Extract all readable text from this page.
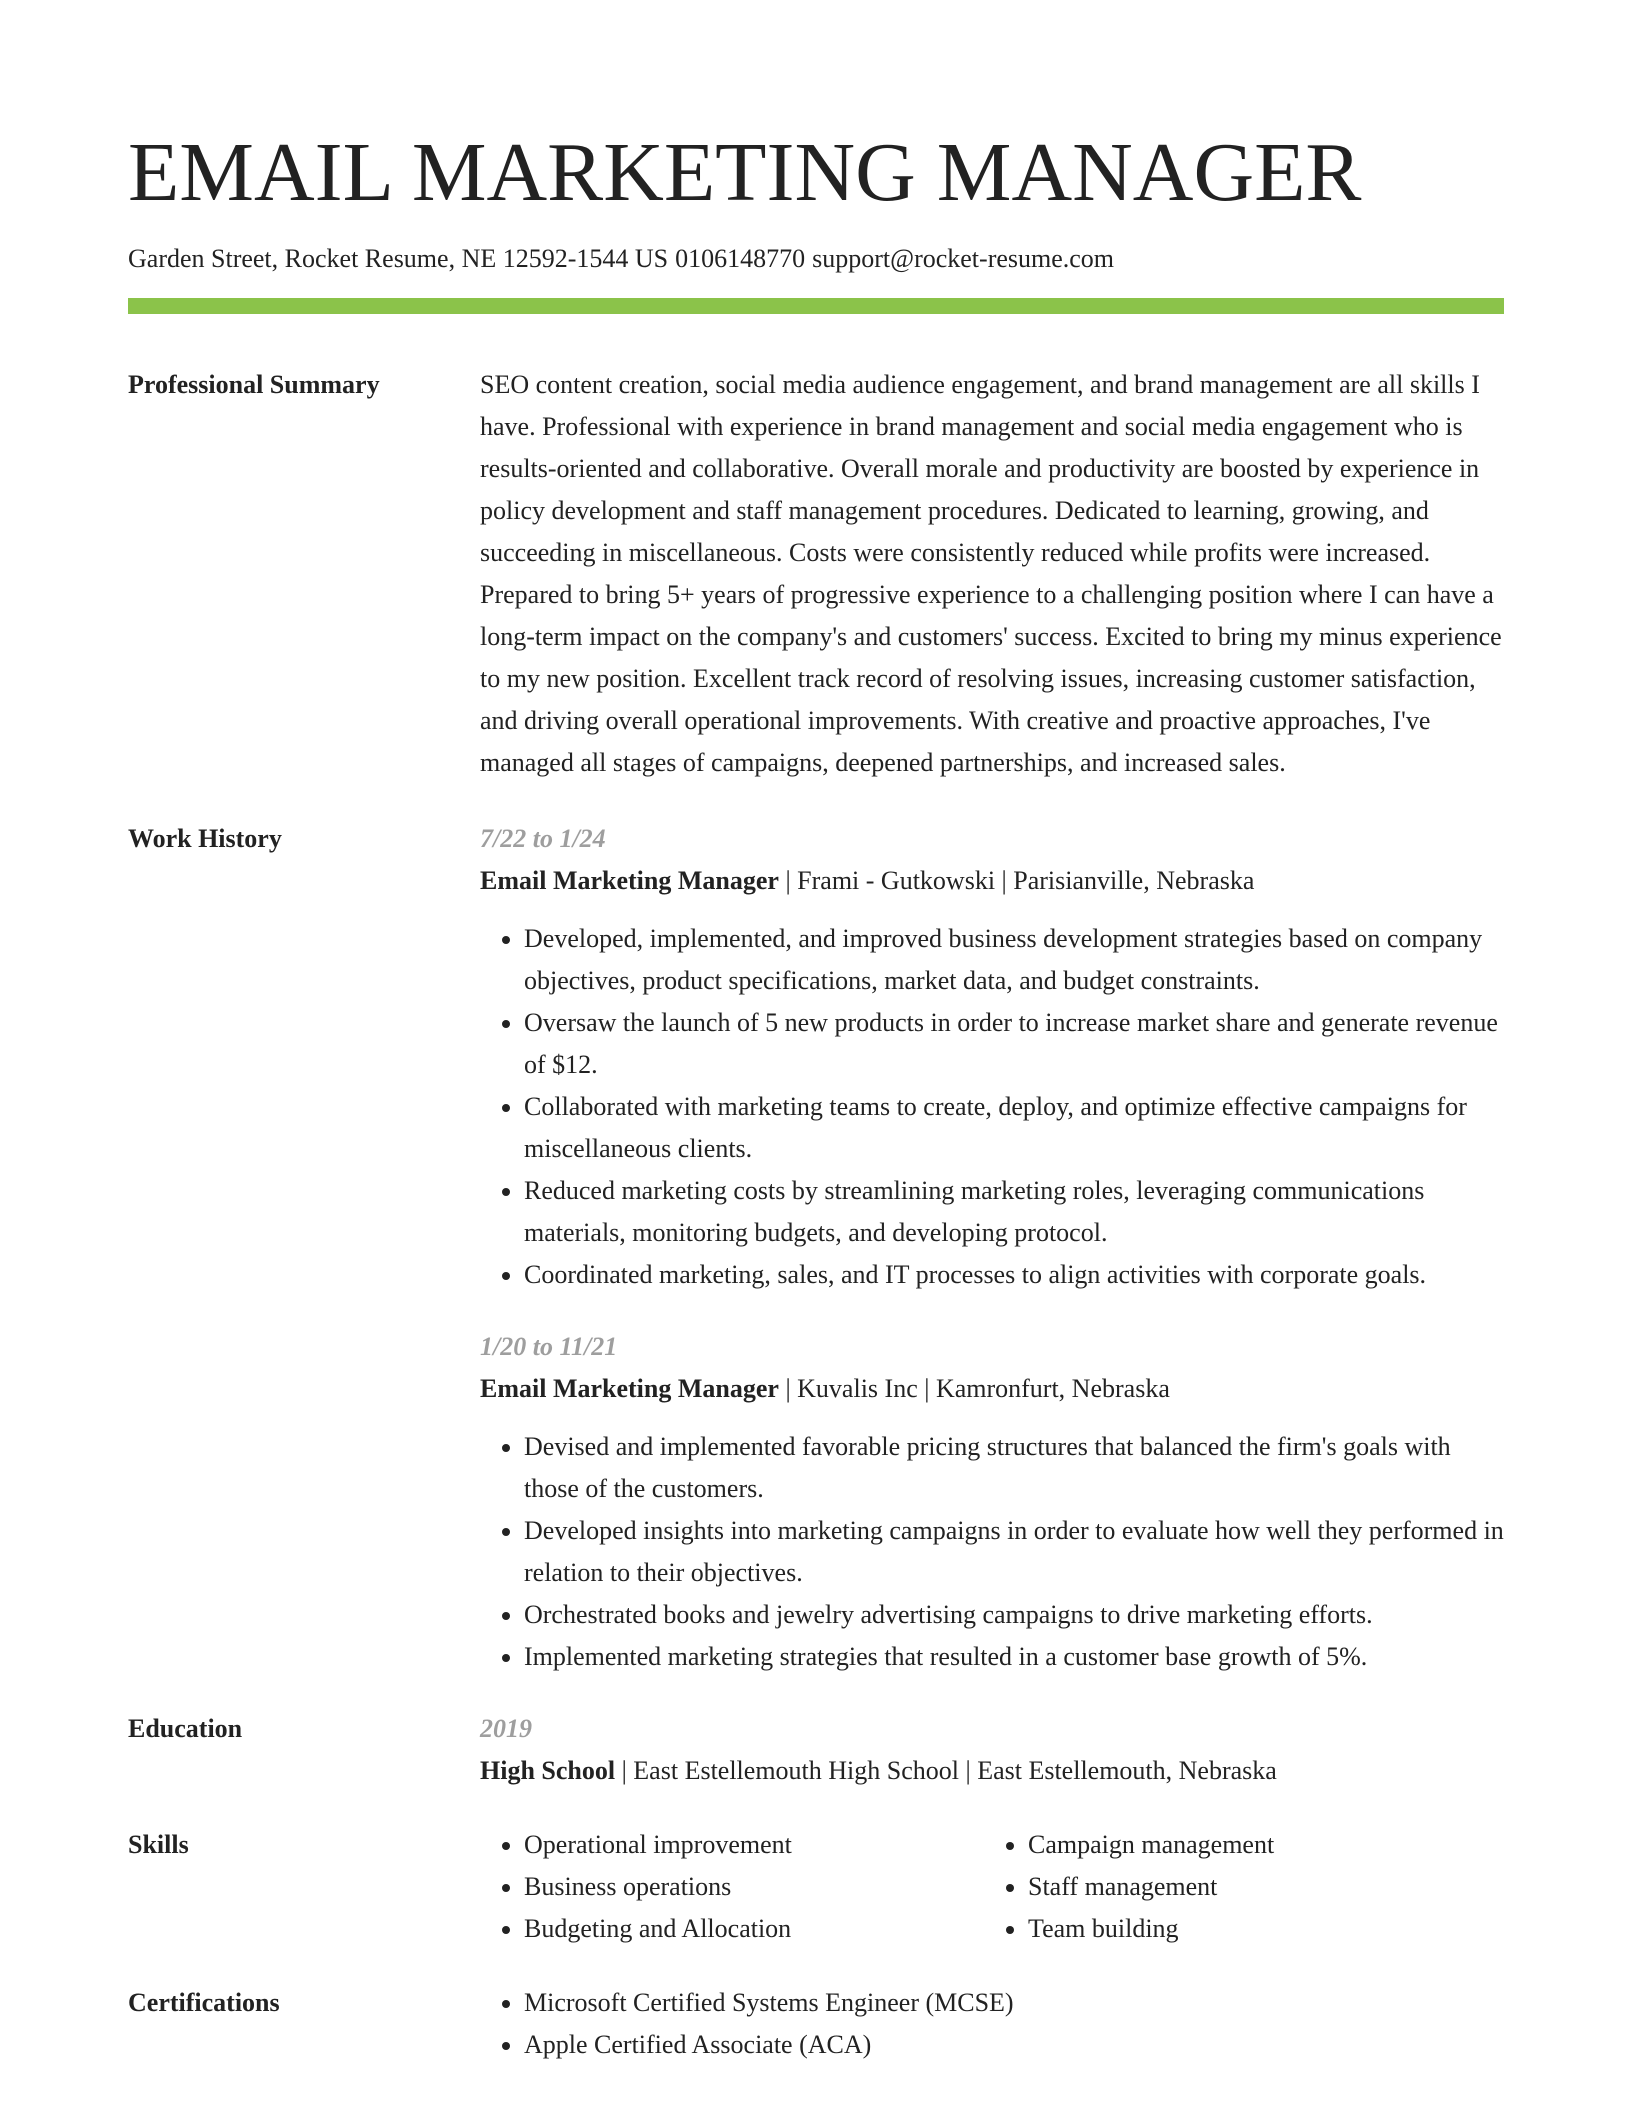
EMAIL MARKETING MANAGER
Garden Street, Rocket Resume, NE 12592-1544 US 0106148770 support@rocket-resume.com
Professional Summary	SEO content creation, social media audience engagement, and brand management are all skills I have. Professional with experience in brand management and social media engagement who is results-oriented and collaborative. Overall morale and productivity are boosted by experience in policy development and staff management procedures. Dedicated to learning, growing, and succeeding in miscellaneous. Costs were consistently reduced while profits were increased. Prepared to bring 5+ years of progressive experience to a challenging position where I can have a long-term impact on the company's and customers' success. Excited to bring my minus experience to my new position. Excellent track record of resolving issues, increasing customer satisfaction, and driving overall operational improvements. With creative and proactive approaches, I've managed all stages of campaigns, deepened partnerships, and increased sales.

Work History	7/22 to 1/24
Email Marketing Manager | Frami - Gutkowski | Parisianville, Nebraska
• Developed, implemented, and improved business development strategies based on company objectives, product specifications, market data, and budget constraints.
• Oversaw the launch of 5 new products in order to increase market share and generate revenue of $12.
• Collaborated with marketing teams to create, deploy, and optimize effective campaigns for miscellaneous clients.
• Reduced marketing costs by streamlining marketing roles, leveraging communications materials, monitoring budgets, and developing protocol.
• Coordinated marketing, sales, and IT processes to align activities with corporate goals.
1/20 to 11/21
Email Marketing Manager | Kuvalis Inc | Kamronfurt, Nebraska
• Devised and implemented favorable pricing structures that balanced the firm's goals with those of the customers.
• Developed insights into marketing campaigns in order to evaluate how well they performed in relation to their objectives.
• Orchestrated books and jewelry advertising campaigns to drive marketing efforts.
• Implemented marketing strategies that resulted in a customer base growth of 5%.
Education	2019
High School | East Estellemouth High School | East Estellemouth, Nebraska
Skills	• Operational improvement
• Business operations
• Budgeting and Allocation
• Campaign management
• Staff management
• Team building
Certifications	• Microsoft Certified Systems Engineer (MCSE)
• Apple Certified Associate (ACA)
